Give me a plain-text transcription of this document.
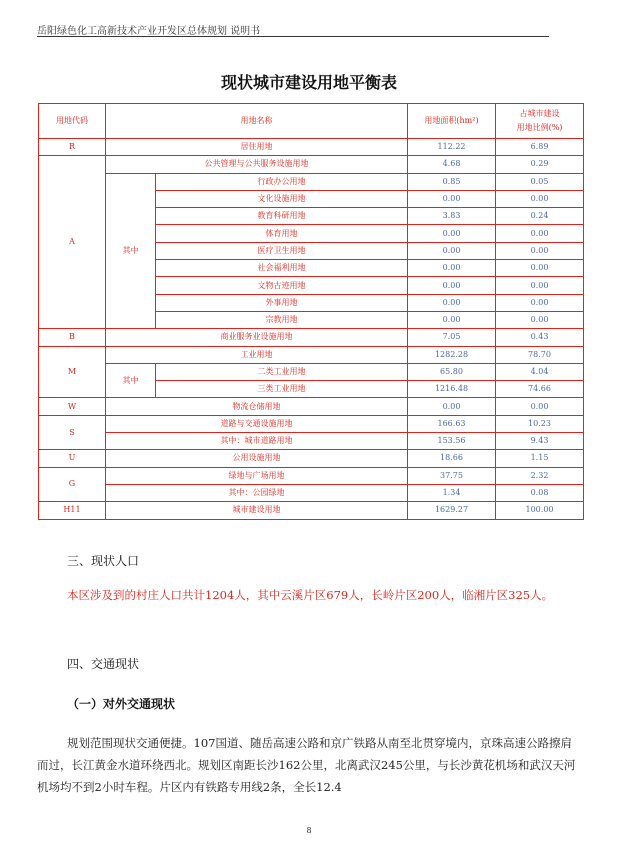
岳阳绿色化工高新技术产业开发区总体规划 说明书
现状城市建设用地平衡表
用地代码	用地名称		用地面积(hm²)	占城市建设
用地比例(%)
R	居住用地		112.22	6.89
A	公共管理与公共服务设施用地		4.68	0.29
	其中	行政办公用地	0.85	0.05
		文化设施用地	0.00	0.00
		教育科研用地	3.83	0.24
		体育用地	0.00	0.00
		医疗卫生用地	0.00	0.00
		社会福利用地	0.00	0.00
		文物古迹用地	0.00	0.00
		外事用地	0.00	0.00
		宗教用地	0.00	0.00
B	商业服务业设施用地		7.05	0.43
M	工业用地		1282.28	78.70
	其中	二类工业用地	65.80	4.04
		三类工业用地	1216.48	74.66
W	物流仓储用地		0.00	0.00
S	道路与交通设施用地		166.63	10.23
	其中：城市道路用地		153.56	9.43
U	公用设施用地		18.66	1.15
G	绿地与广场用地		37.75	2.32
	其中：公园绿地		1.34	0.08
H11	城市建设用地		1629.27	100.00
三、现状人口

本区涉及到的村庄人口共计1204人，其中云溪片区679人，长岭片区200人，临湘片区325人。

四、交通现状
（一）对外交通现状

规划范围现状交通便捷。107国道、随岳高速公路和京广铁路从南至北贯穿境内，京珠高速公路擦肩而过，长江黄金水道环绕西北。规划区南距长沙162公里，北离武汉245公里，与长沙黄花机场和武汉天河机场均不到2小时车程。片区内有铁路专用线2条，全长12.4

8
